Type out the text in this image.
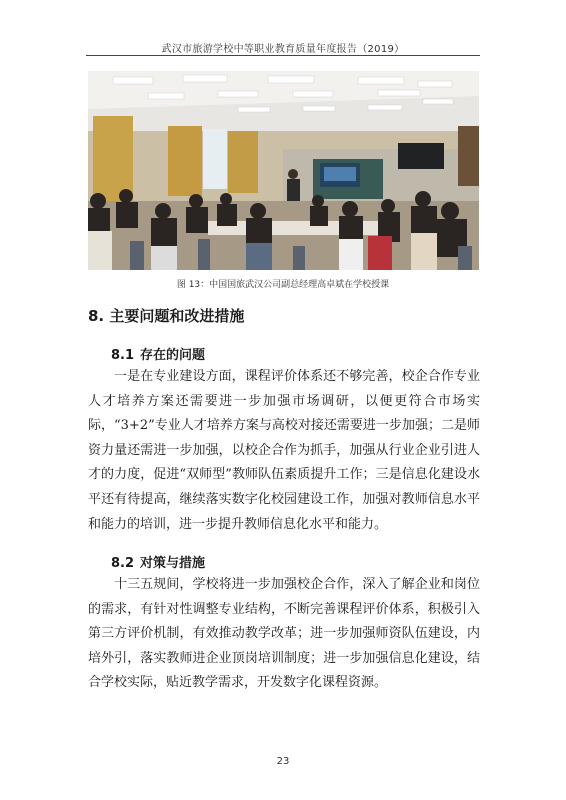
武汉市旅游学校中等职业教育质量年度报告（2019）
图 13：中国国旅武汉公司副总经理高卓斌在学校授课
8. 主要问题和改进措施
8.1 存在的问题

一是在专业建设方面，课程评价体系还不够完善，校企合作专业人才培养方案还需要进一步加强市场调研，以便更符合市场实际，“3+2”专业人才培养方案与高校对接还需要进一步加强；二是师资力量还需进一步加强，以校企合作为抓手，加强从行业企业引进人才的力度，促进“双师型”教师队伍素质提升工作；三是信息化建设水平还有待提高，继续落实数字化校园建设工作，加强对教师信息水平和能力的培训，进一步提升教师信息化水平和能力。

8.2 对策与措施

十三五规间，学校将进一步加强校企合作，深入了解企业和岗位的需求，有针对性调整专业结构，不断完善课程评价体系，积极引入第三方评价机制，有效推动教学改革；进一步加强师资队伍建设，内培外引，落实教师进企业顶岗培训制度；进一步加强信息化建设，结合学校实际，贴近教学需求，开发数字化课程资源。

23
